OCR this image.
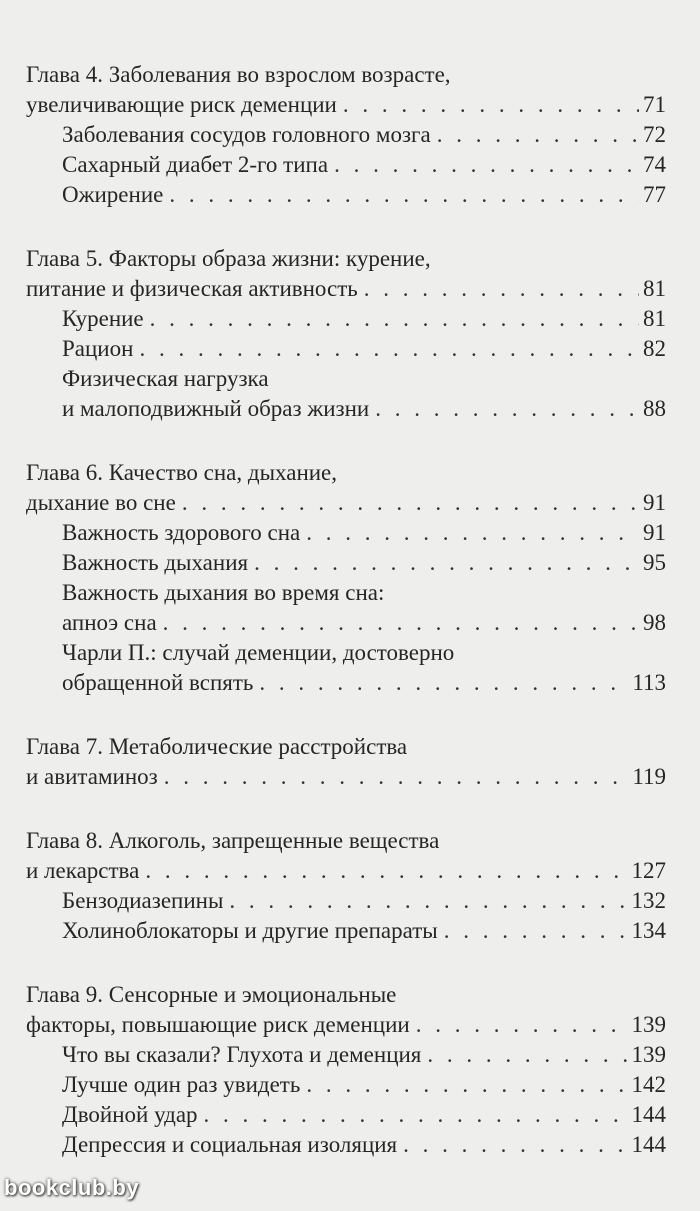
Глава 4. Заболевания во взрослом возрасте,
увеличивающие риск деменции . . .	71
Заболевания сосудов головного мозга . . .	72
Сахарный диабет 2-го типа . . .	74
Ожирение . . .	77
Глава 5. Факторы образа жизни: курение,
питание и физическая активность . . .	81
Курение . . .	81
Рацион . . .	82
Физическая нагрузка
и малоподвижный образ жизни . . .	88
Глава 6. Качество сна, дыхание,
дыхание во сне . . .	91
Важность здорового сна . . .	91
Важность дыхания . . .	95
Важность дыхания во время сна:
апноэ сна . . .	98
Чарли П.: случай деменции, достоверно
обращенной вспять . . .	113
Глава 7. Метаболические расстройства
и авитаминоз . . .	119
Глава 8. Алкоголь, запрещенные вещества
и лекарства . . .	127
Бензодиазепины . . .	132
Холиноблокаторы и другие препараты . . .	134
Глава 9. Сенсорные и эмоциональные
факторы, повышающие риск деменции . . .	139
Что вы сказали? Глухота и деменция . . .	139
Лучше один раз увидеть . . .	142
Двойной удар . . .	144
Депрессия и социальная изоляция . . .	144
bookclub.by
